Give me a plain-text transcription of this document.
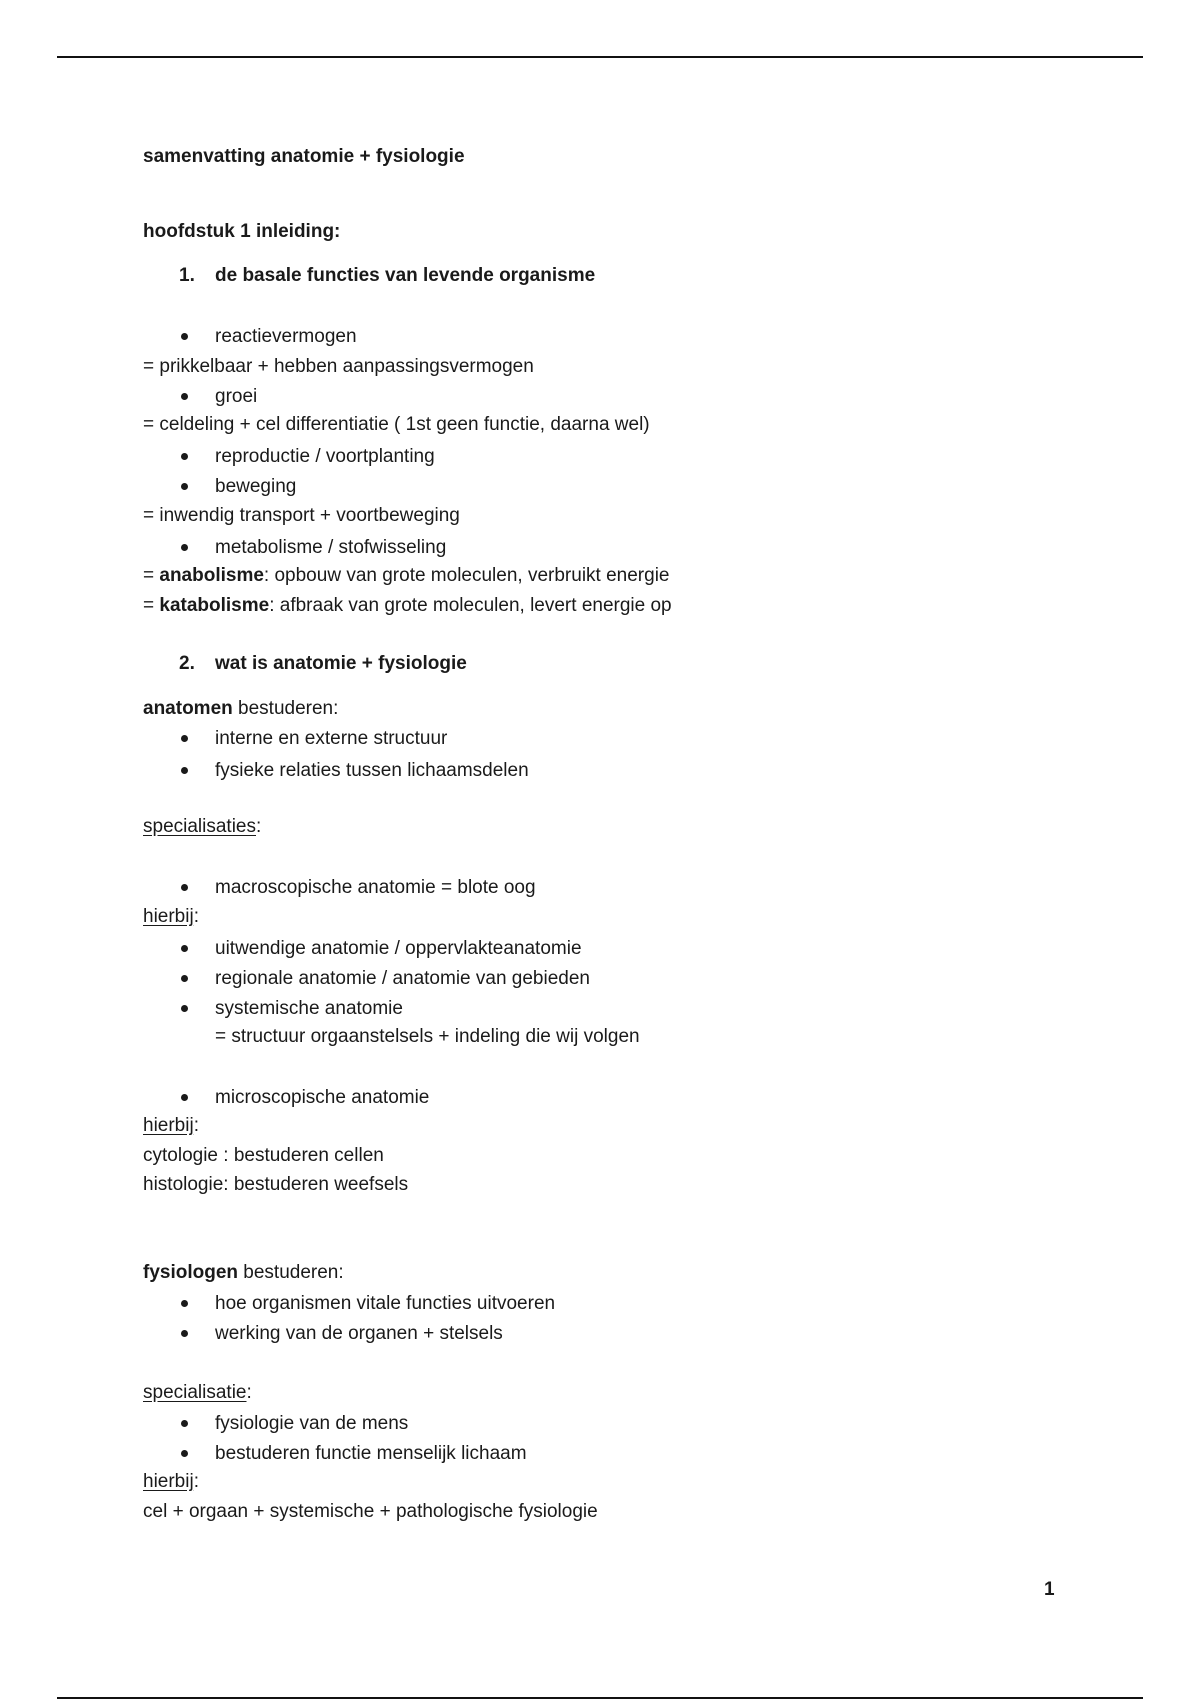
samenvatting anatomie + fysiologie
hoofdstuk 1 inleiding:
1. de basale functies van levende organisme
reactievermogen
= prikkelbaar + hebben aanpassingsvermogen
groei
= celdeling + cel differentiatie ( 1st geen functie, daarna wel)
reproductie / voortplanting
beweging
= inwendig transport + voortbeweging
metabolisme / stofwisseling
= anabolisme: opbouw van grote moleculen, verbruikt energie
= katabolisme: afbraak van grote moleculen, levert energie op
2. wat is anatomie + fysiologie
anatomen bestuderen:
interne en externe structuur
fysieke relaties tussen lichaamsdelen
specialisaties:
macroscopische anatomie = blote oog
hierbij:
uitwendige anatomie / oppervlakteanatomie
regionale anatomie / anatomie van gebieden
systemische anatomie
= structuur orgaanstelsels + indeling die wij volgen
microscopische anatomie
hierbij:
cytologie : bestuderen cellen
histologie: bestuderen weefsels
fysiologen bestuderen:
hoe organismen vitale functies uitvoeren
werking van de organen + stelsels
specialisatie:
fysiologie van de mens
bestuderen functie menselijk lichaam
hierbij:
cel + orgaan + systemische + pathologische fysiologie
1
